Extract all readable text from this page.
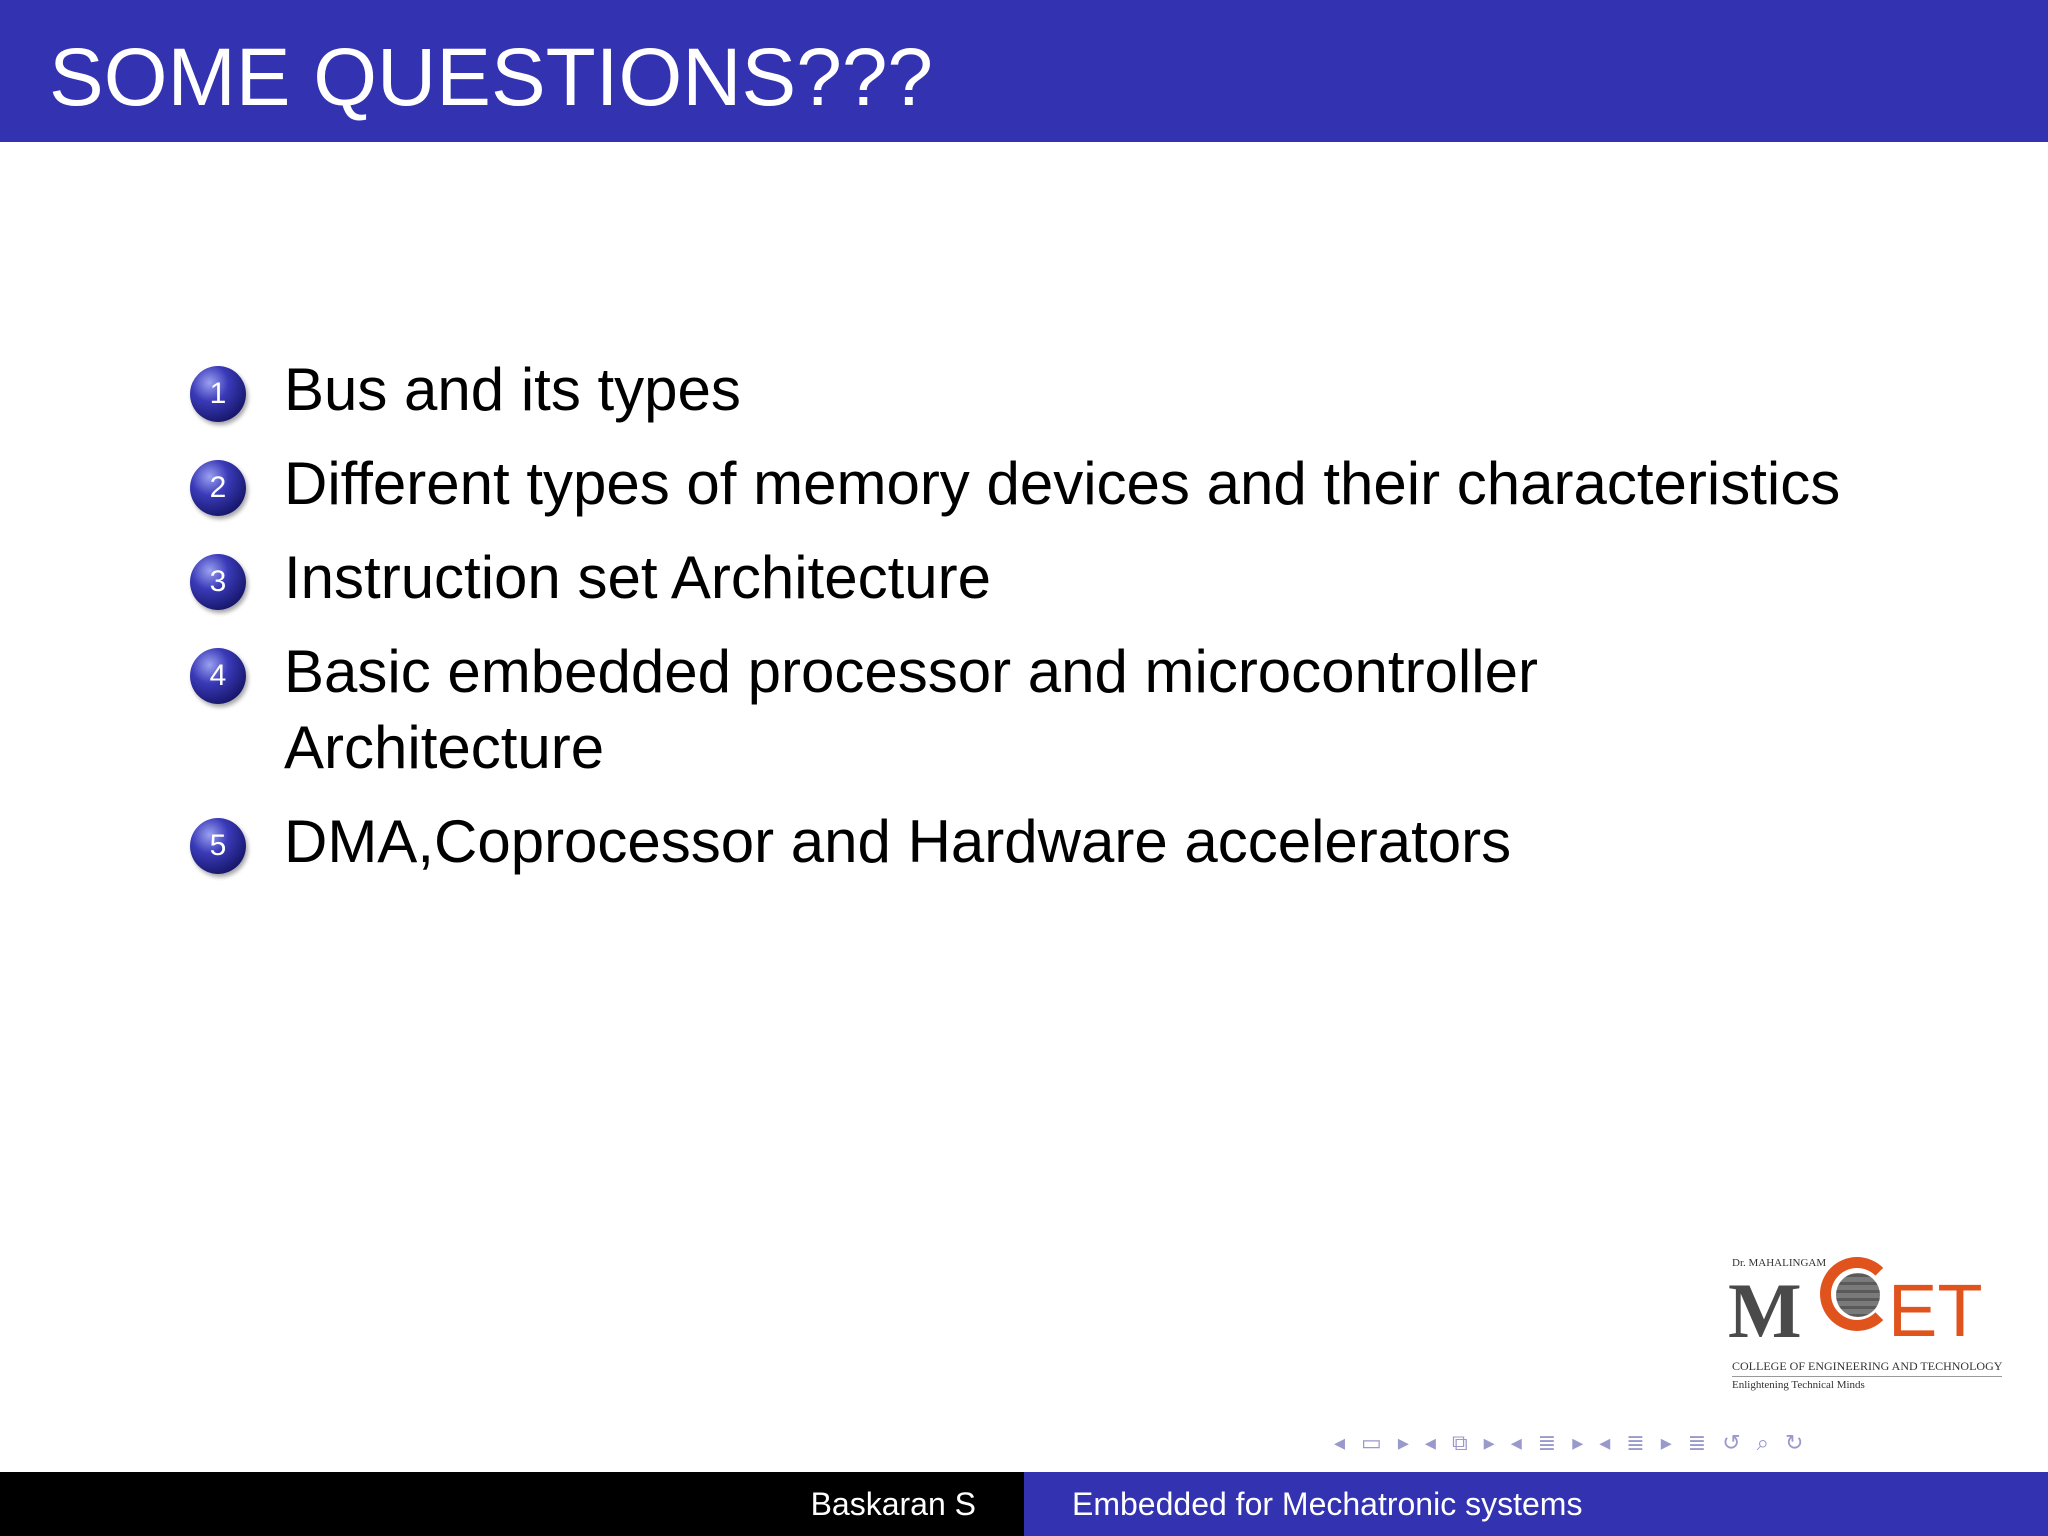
SOME QUESTIONS???
1 Bus and its types
2 Different types of memory devices and their characteristics
3 Instruction set Architecture
4 Basic embedded processor and microcontroller Architecture
5 DMA,Coprocessor and Hardware accelerators
Dr. MAHALINGAM
M ET
COLLEGE OF ENGINEERING AND TECHNOLOGY
Enlightening Technical Minds
◂ ▭ ▸ ◂ ⧉ ▸ ◂ ≣ ▸ ◂ ≣ ▸ ≣ ↺ ⌕ ↻
Baskaran S	Embedded for Mechatronic systems
